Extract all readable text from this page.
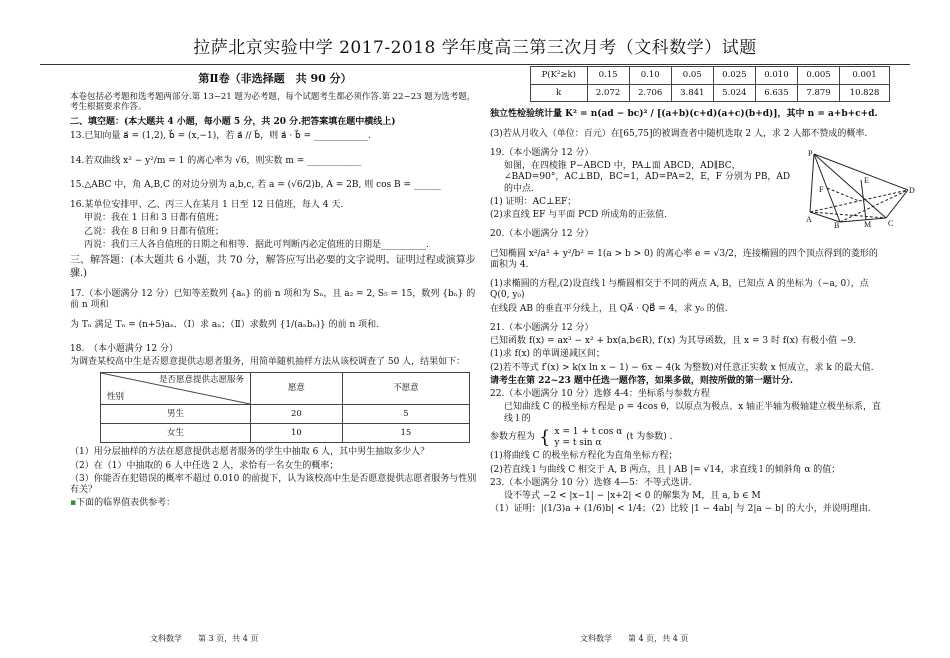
拉萨北京实验中学 2017-2018 学年度高三第三次月考（文科数学）试题
第Ⅱ卷（非选择题　共 90 分）
本卷包括必考题和选考题两部分.第 13~21 题为必考题，每个试题考生都必须作答.第 22~23 题为选考题，考生根据要求作答。
二、填空题：(本大题共 4 小题，每小题 5 分，共 20 分.把答案填在题中横线上)
13.已知向量 a⃗ = (1,2), b⃗ = (x,−1)，若 a⃗ // b⃗，则 a⃗ · b⃗ = ____________.
14.若双曲线 x² − y²/m = 1 的离心率为 √6，则实数 m = ____________
15.△ABC 中，角 A,B,C 的对边分别为 a,b,c, 若 a = (√6/2)b, A = 2B, 则 cos B = ______
16.某单位安排甲、乙、丙三人在某月 1 日至 12 日值班，每人 4 天.
甲说：我在 1 日和 3 日都有值班；
乙说：我在 8 日和 9 日都有值班；
丙说：我们三人各自值班的日期之和相等．据此可判断丙必定值班的日期是__________.
三、解答题：(本大题共 6 小题，共 70 分，解答应写出必要的文字说明、证明过程或演算步骤.)
17.（本小题满分 12 分）已知等差数列 {aₙ} 的前 n 项和为 Sₙ，且 a₂ = 2, S₅ = 15，数列 {bₙ} 的前 n 项和
为 Tₙ 满足 Tₙ = (n+5)aₙ．（Ⅰ）求 aₙ；（Ⅱ）求数列 {1/(aₙbₙ)} 的前 n 项和.
18.　（本小题满分 12 分）
为调查某校高中生是否愿意提供志愿者服务，用简单随机抽样方法从该校调查了 50 人，结果如下：
是否愿意提供志愿服务
性别	愿意	不愿意
男生	20	5
女生	10	15
（1）用分层抽样的方法在愿意提供志愿者服务的学生中抽取 6 人，其中男生抽取多少人？
（2）在（1）中抽取的 6 人中任选 2 人，求恰有一名女生的概率；
（3）你能否在犯错误的概率不超过 0.010 的前提下，认为该校高中生是否愿意提供志愿者服务与性别有关？
▪下面的临界值表供参考：
P(K²≥k)	0.15	0.10	0.05	0.025	0.010	0.005	0.001
k	2.072	2.706	3.841	5.024	6.635	7.879	10.828
独立性检验统计量 K² = n(ad − bc)² / [(a+b)(c+d)(a+c)(b+d)]，其中 n = a+b+c+d.
(3)若从月收入（单位：百元）在[65,75]的被调查者中随机选取 2 人，求 2 人都不赞成的概率.
19.（本小题满分 12 分）
如图，在四棱锥 P−ABCD 中，PA⊥面 ABCD，AD∥BC，∠BAD=90°，AC⊥BD，BC=1，AD=PA=2，E，F 分别为 PB，AD 的中点.
(1) 证明：AC⊥EF；
(2)求直线 EF 与平面 PCD 所成角的正弦值.
20.（本小题满分 12 分）
已知椭圆 x²/a² + y²/b² = 1(a > b > 0) 的离心率 e = √3/2，连接椭圆的四个顶点得到的菱形的面积为 4.
(1)求椭圆的方程,(2)设直线 l 与椭圆相交于不同的两点 A, B，已知点 A 的坐标为（−a, 0），点 Q(0, y₀)
在线段 AB 的垂直平分线上，且 QA⃗ · QB⃗ = 4，求 y₀ 的值.
21.（本小题满分 12 分）
已知函数 f(x) = ax³ − x² + bx(a,b∈R), f′(x) 为其导函数，且 x = 3 时 f(x) 有极小值 −9.
(1)求 f(x) 的单调递减区间；
(2)若不等式 f′(x) > k(x ln x − 1) − 6x − 4(k 为整数)对任意正实数 x 恒成立，求 k 的最大值.
请考生在第 22~23 题中任选一题作答，如果多做，则按所做的第一题计分.
22.（本小题满分 10 分）选修 4-4：坐标系与参数方程
已知曲线 C 的极坐标方程是 ρ = 4cos θ，以原点为极点、x 轴正半轴为极轴建立极坐标系，直线 l 的
参数方程为 { x = 1 + t cos α
y = t sin α
(t 为参数) .
(1)将曲线 C 的极坐标方程化为直角坐标方程；
(2)若直线 l 与曲线 C 相交于 A, B 两点，且 | AB |= √14，求直线 l 的倾斜角 α 的值；
23.（本小题满分 10 分）选修 4—5：不等式选讲.
设不等式 −2 < |x−1| − |x+2| < 0 的解集为 M，且 a, b ∈ M
（1）证明：|(1/3)a + (1/6)b| < 1/4；（2）比较 |1 − 4ab| 与 2|a − b| 的大小，并说明理由.
P
E
F	D
C
A
B	M
文科数学　　第 3 页，共 4 页	文科数学　　第 4 页，共 4 页
